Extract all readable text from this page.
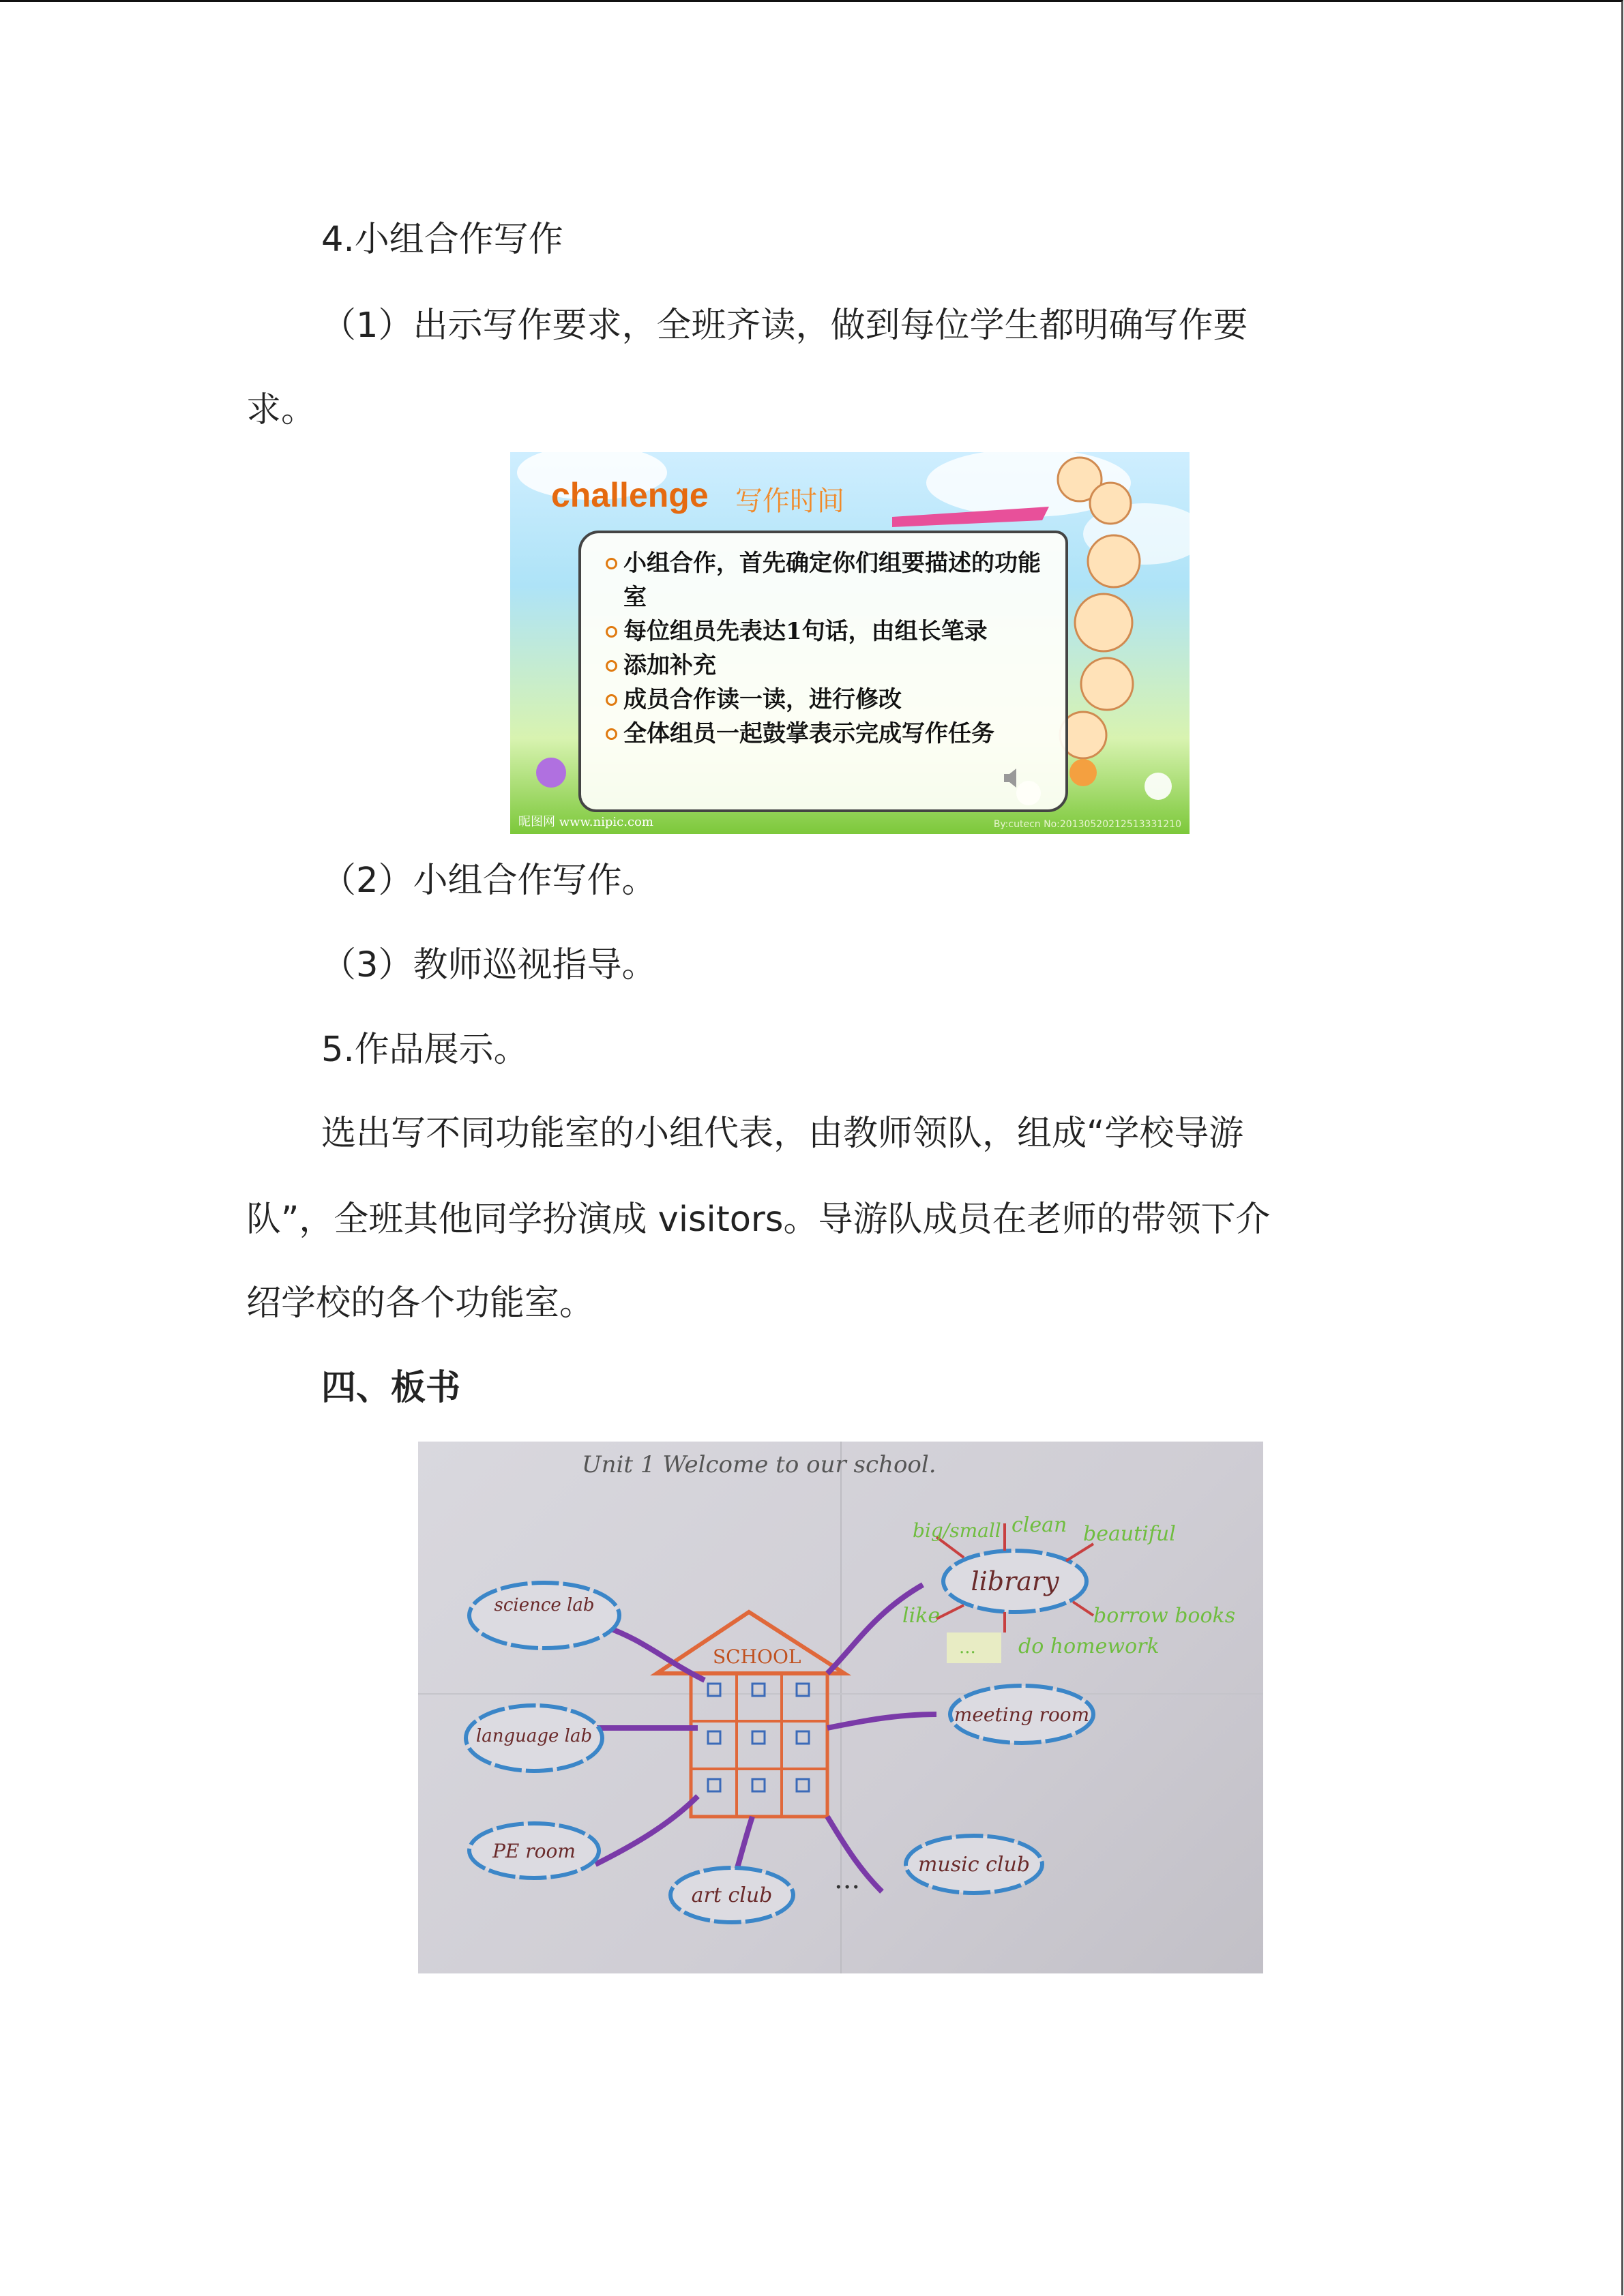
4.小组合作写作
（1）出示写作要求，全班齐读，做到每位学生都明确写作要
求。
challenge 写作时间
小组合作，首先确定你们组要描述的功能室
每位组员先表达1句话，由组长笔录
添加补充
成员合作读一读，进行修改
全体组员一起鼓掌表示完成写作任务
昵图网 www.nipic.com	By:cutecn No:20130520212513331210
（2）小组合作写作。
（3）教师巡视指导。
5.作品展示。
选出写不同功能室的小组代表，由教师领队，组成“学校导游
队”，全班其他同学扮演成 visitors。导游队成员在老师的带领下介
绍学校的各个功能室。
四、板书
Unit 1 Welcome to our school.
SCHOOL
science lab
language lab
PE room
art club
music club
meeting room
library
...
big/small clean beautiful
like	borrow books
... do homework
